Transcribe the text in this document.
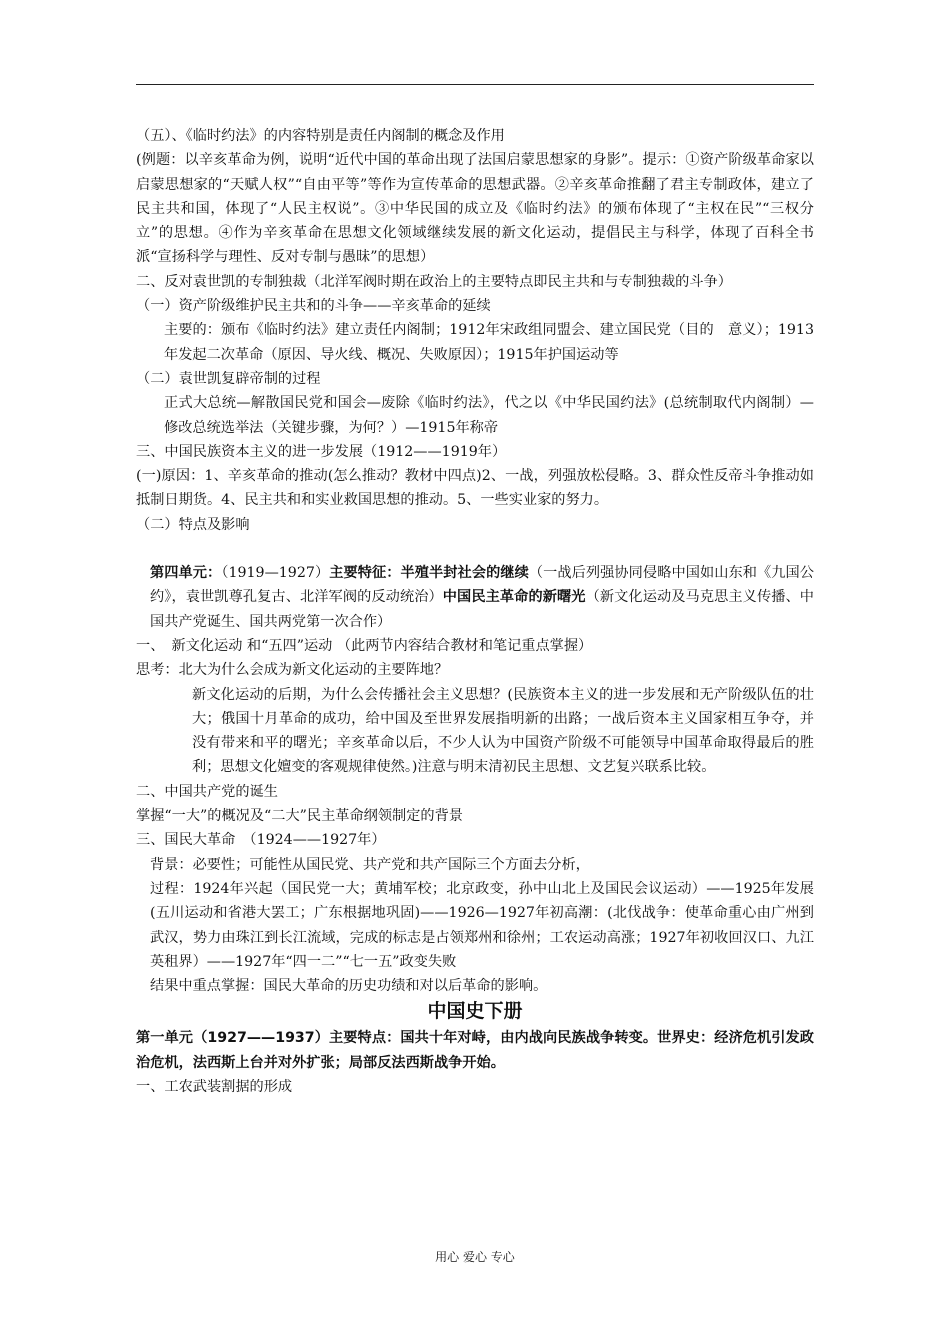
（五）、《临时约法》的内容特别是责任内阁制的概念及作用

(例题：以辛亥革命为例，说明“近代中国的革命出现了法国启蒙思想家的身影”。提示：①资产阶级革命家以启蒙思想家的“天赋人权”“自由平等”等作为宣传革命的思想武器。②辛亥革命推翻了君主专制政体，建立了民主共和国，体现了“人民主权说”。③中华民国的成立及《临时约法》的颁布体现了“主权在民”“三权分立”的思想。④作为辛亥革命在思想文化领域继续发展的新文化运动，提倡民主与科学，体现了百科全书派“宣扬科学与理性、反对专制与愚昧”的思想）

二、反对袁世凯的专制独裁（北洋军阀时期在政治上的主要特点即民主共和与专制独裁的斗争）

（一）资产阶级维护民主共和的斗争——辛亥革命的延续

主要的：颁布《临时约法》建立责任内阁制；1912年宋政组同盟会、建立国民党（目的　意义）；1913年发起二次革命（原因、导火线、概况、失败原因）；1915年护国运动等

（二）袁世凯复辟帝制的过程

正式大总统—解散国民党和国会—废除《临时约法》，代之以《中华民国约法》(总统制取代内阁制）—修改总统选举法（关键步骤，为何？）—1915年称帝

三、中国民族资本主义的进一步发展（1912——1919年）

(一)原因：1、辛亥革命的推动(怎么推动？教材中四点)2、一战，列强放松侵略。3、群众性反帝斗争推动如抵制日期货。4、民主共和和实业救国思想的推动。5、一些实业家的努力。

（二）特点及影响

第四单元：（1919—1927）主要特征：半殖半封社会的继续（一战后列强协同侵略中国如山东和《九国公约》，袁世凯尊孔复古、北洋军阀的反动统治）中国民主革命的新曙光（新文化运动及马克思主义传播、中国共产党诞生、国共两党第一次合作）

一、　新文化运动 和“五四”运动 （此两节内容结合教材和笔记重点掌握）

思考：北大为什么会成为新文化运动的主要阵地？

新文化运动的后期，为什么会传播社会主义思想？(民族资本主义的进一步发展和无产阶级队伍的壮大；俄国十月革命的成功，给中国及至世界发展指明新的出路；一战后资本主义国家相互争夺，并没有带来和平的曙光；辛亥革命以后，不少人认为中国资产阶级不可能领导中国革命取得最后的胜利；思想文化嬗变的客观规律使然。)注意与明末清初民主思想、文艺复兴联系比较。

二、中国共产党的诞生

掌握“一大”的概况及“二大”民主革命纲领制定的背景

三、国民大革命　（1924——1927年）

背景：必要性；可能性从国民党、共产党和共产国际三个方面去分析，

过程：1924年兴起（国民党一大；黄埔军校；北京政变，孙中山北上及国民会议运动）——1925年发展(五川运动和省港大罢工；广东根据地巩固)——1926—1927年初高潮：(北伐战争：使革命重心由广州到武汉，势力由珠江到长江流域，完成的标志是占领郑州和徐州；工农运动高涨；1927年初收回汉口、九江英租界）——1927年“四一二”“七一五”政变失败

结果中重点掌握：国民大革命的历史功绩和对以后革命的影响。

中国史下册

第一单元（1927——1937）主要特点：国共十年对峙，由内战向民族战争转变。世界史：经济危机引发政治危机，法西斯上台并对外扩张；局部反法西斯战争开始。

一、工农武装割据的形成

用心 爱心 专心
